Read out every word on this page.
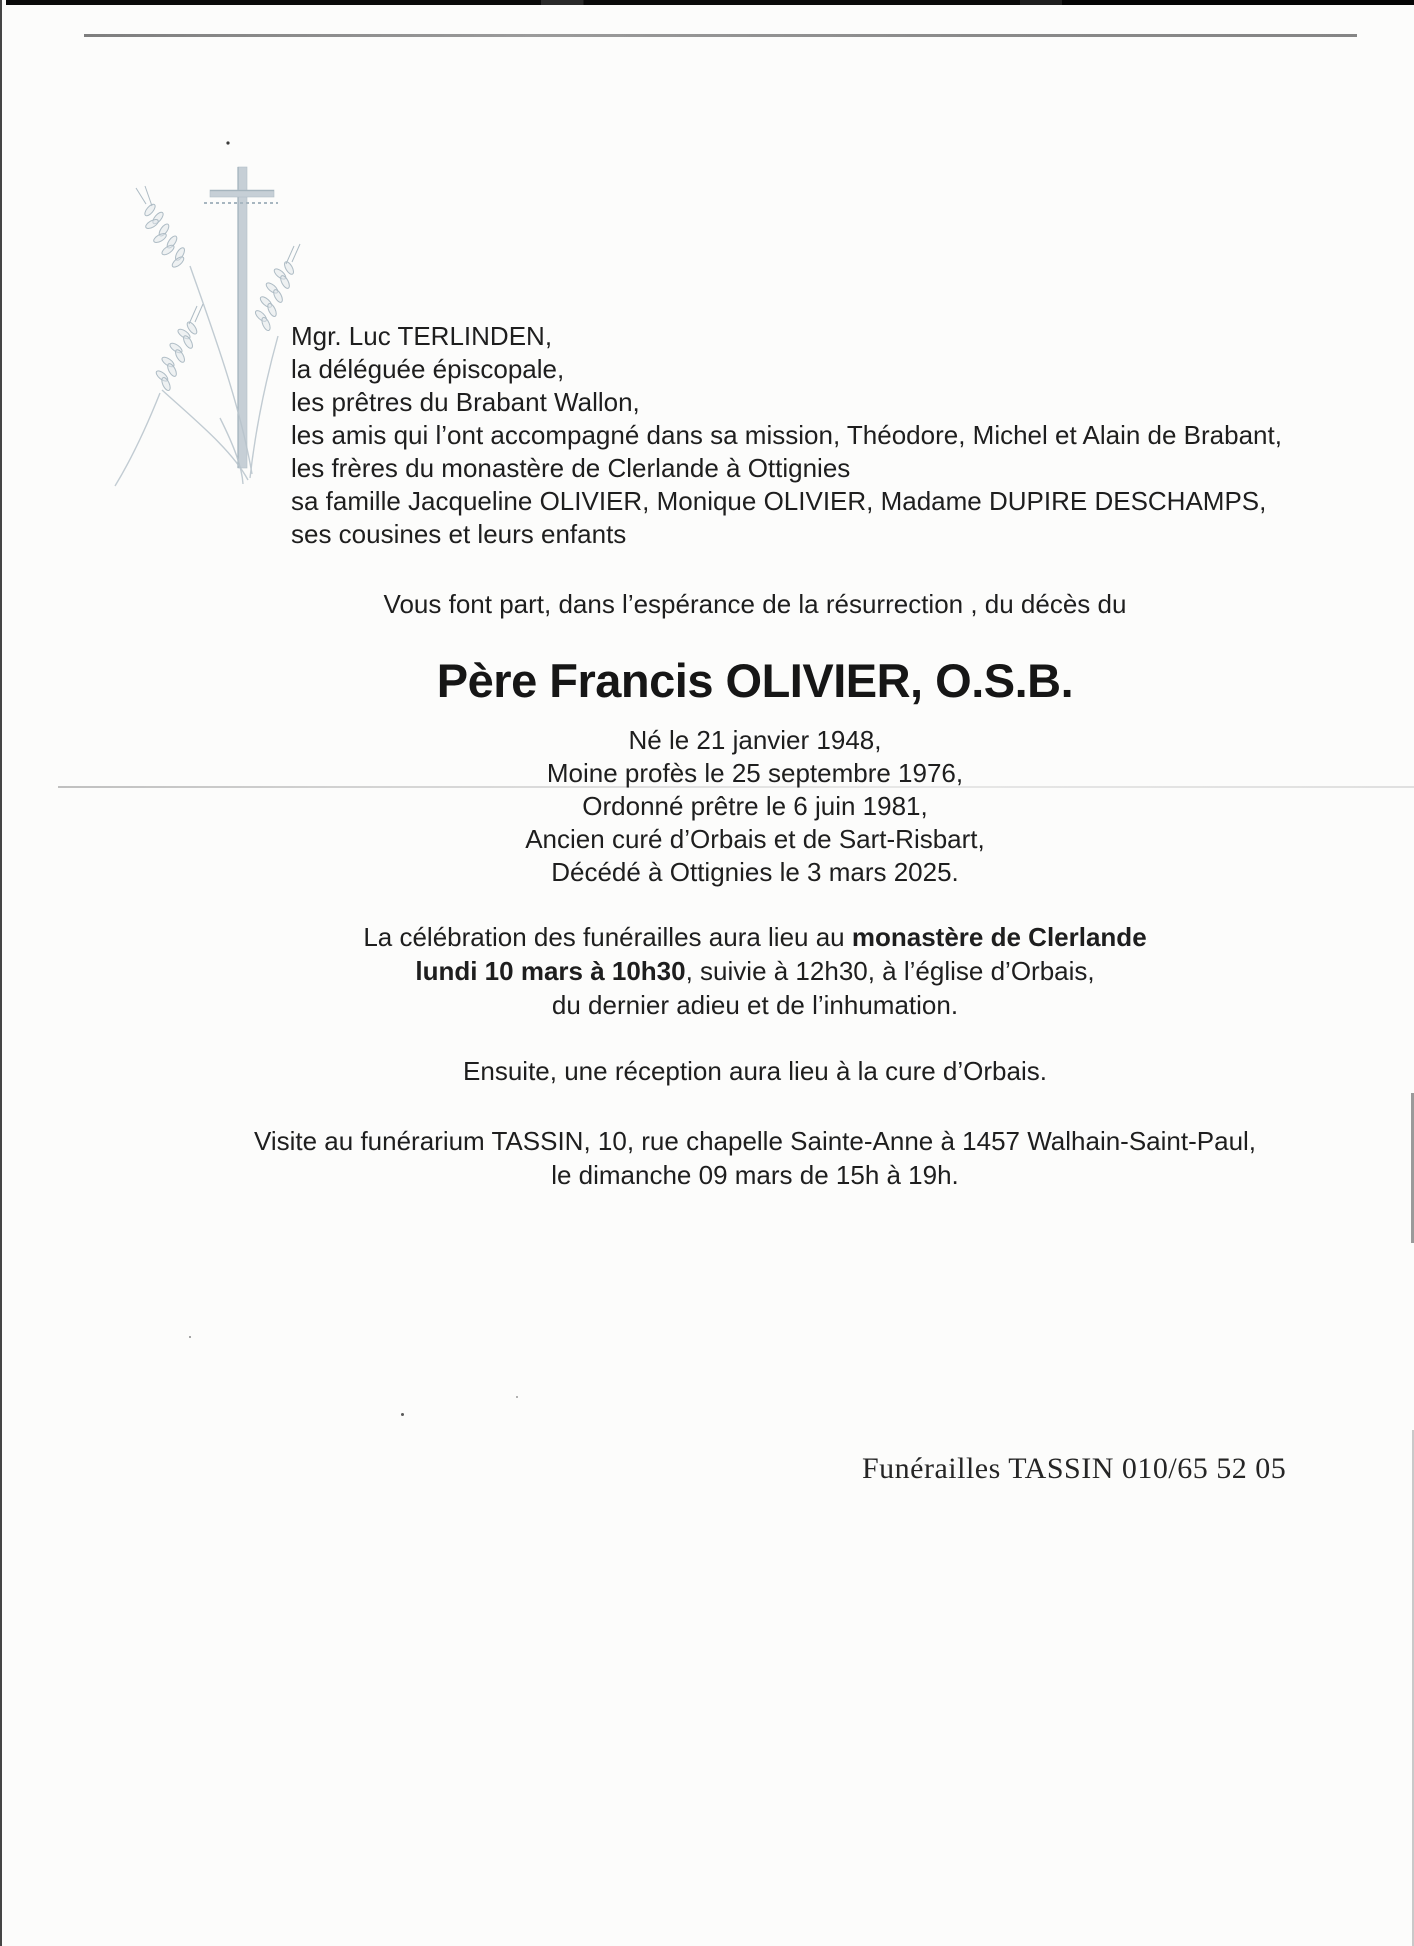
Mgr. Luc TERLINDEN,
la déléguée épiscopale,
les prêtres du Brabant Wallon,
les amis qui l’ont accompagné dans sa mission, Théodore, Michel et Alain de Brabant,
les frères du monastère de Clerlande à Ottignies
sa famille Jacqueline OLIVIER, Monique OLIVIER, Madame DUPIRE DESCHAMPS,
ses cousines et leurs enfants
Vous font part, dans l’espérance de la résurrection , du décès du
Père Francis OLIVIER, O.S.B.
Né le 21 janvier 1948,
Moine profès le 25 septembre 1976,
Ordonné prêtre le 6 juin 1981,
Ancien curé d’Orbais et de Sart-Risbart,
Décédé à Ottignies le 3 mars 2025.
La célébration des funérailles aura lieu au monastère de Clerlande
lundi 10 mars à 10h30, suivie à 12h30, à l’église d’Orbais,
du dernier adieu et de l’inhumation.
Ensuite, une réception aura lieu à la cure d’Orbais.
Visite au funérarium TASSIN, 10, rue chapelle Sainte-Anne à 1457 Walhain-Saint-Paul,
le dimanche 09 mars de 15h à 19h.
Funérailles TASSIN 010/65 52 05
